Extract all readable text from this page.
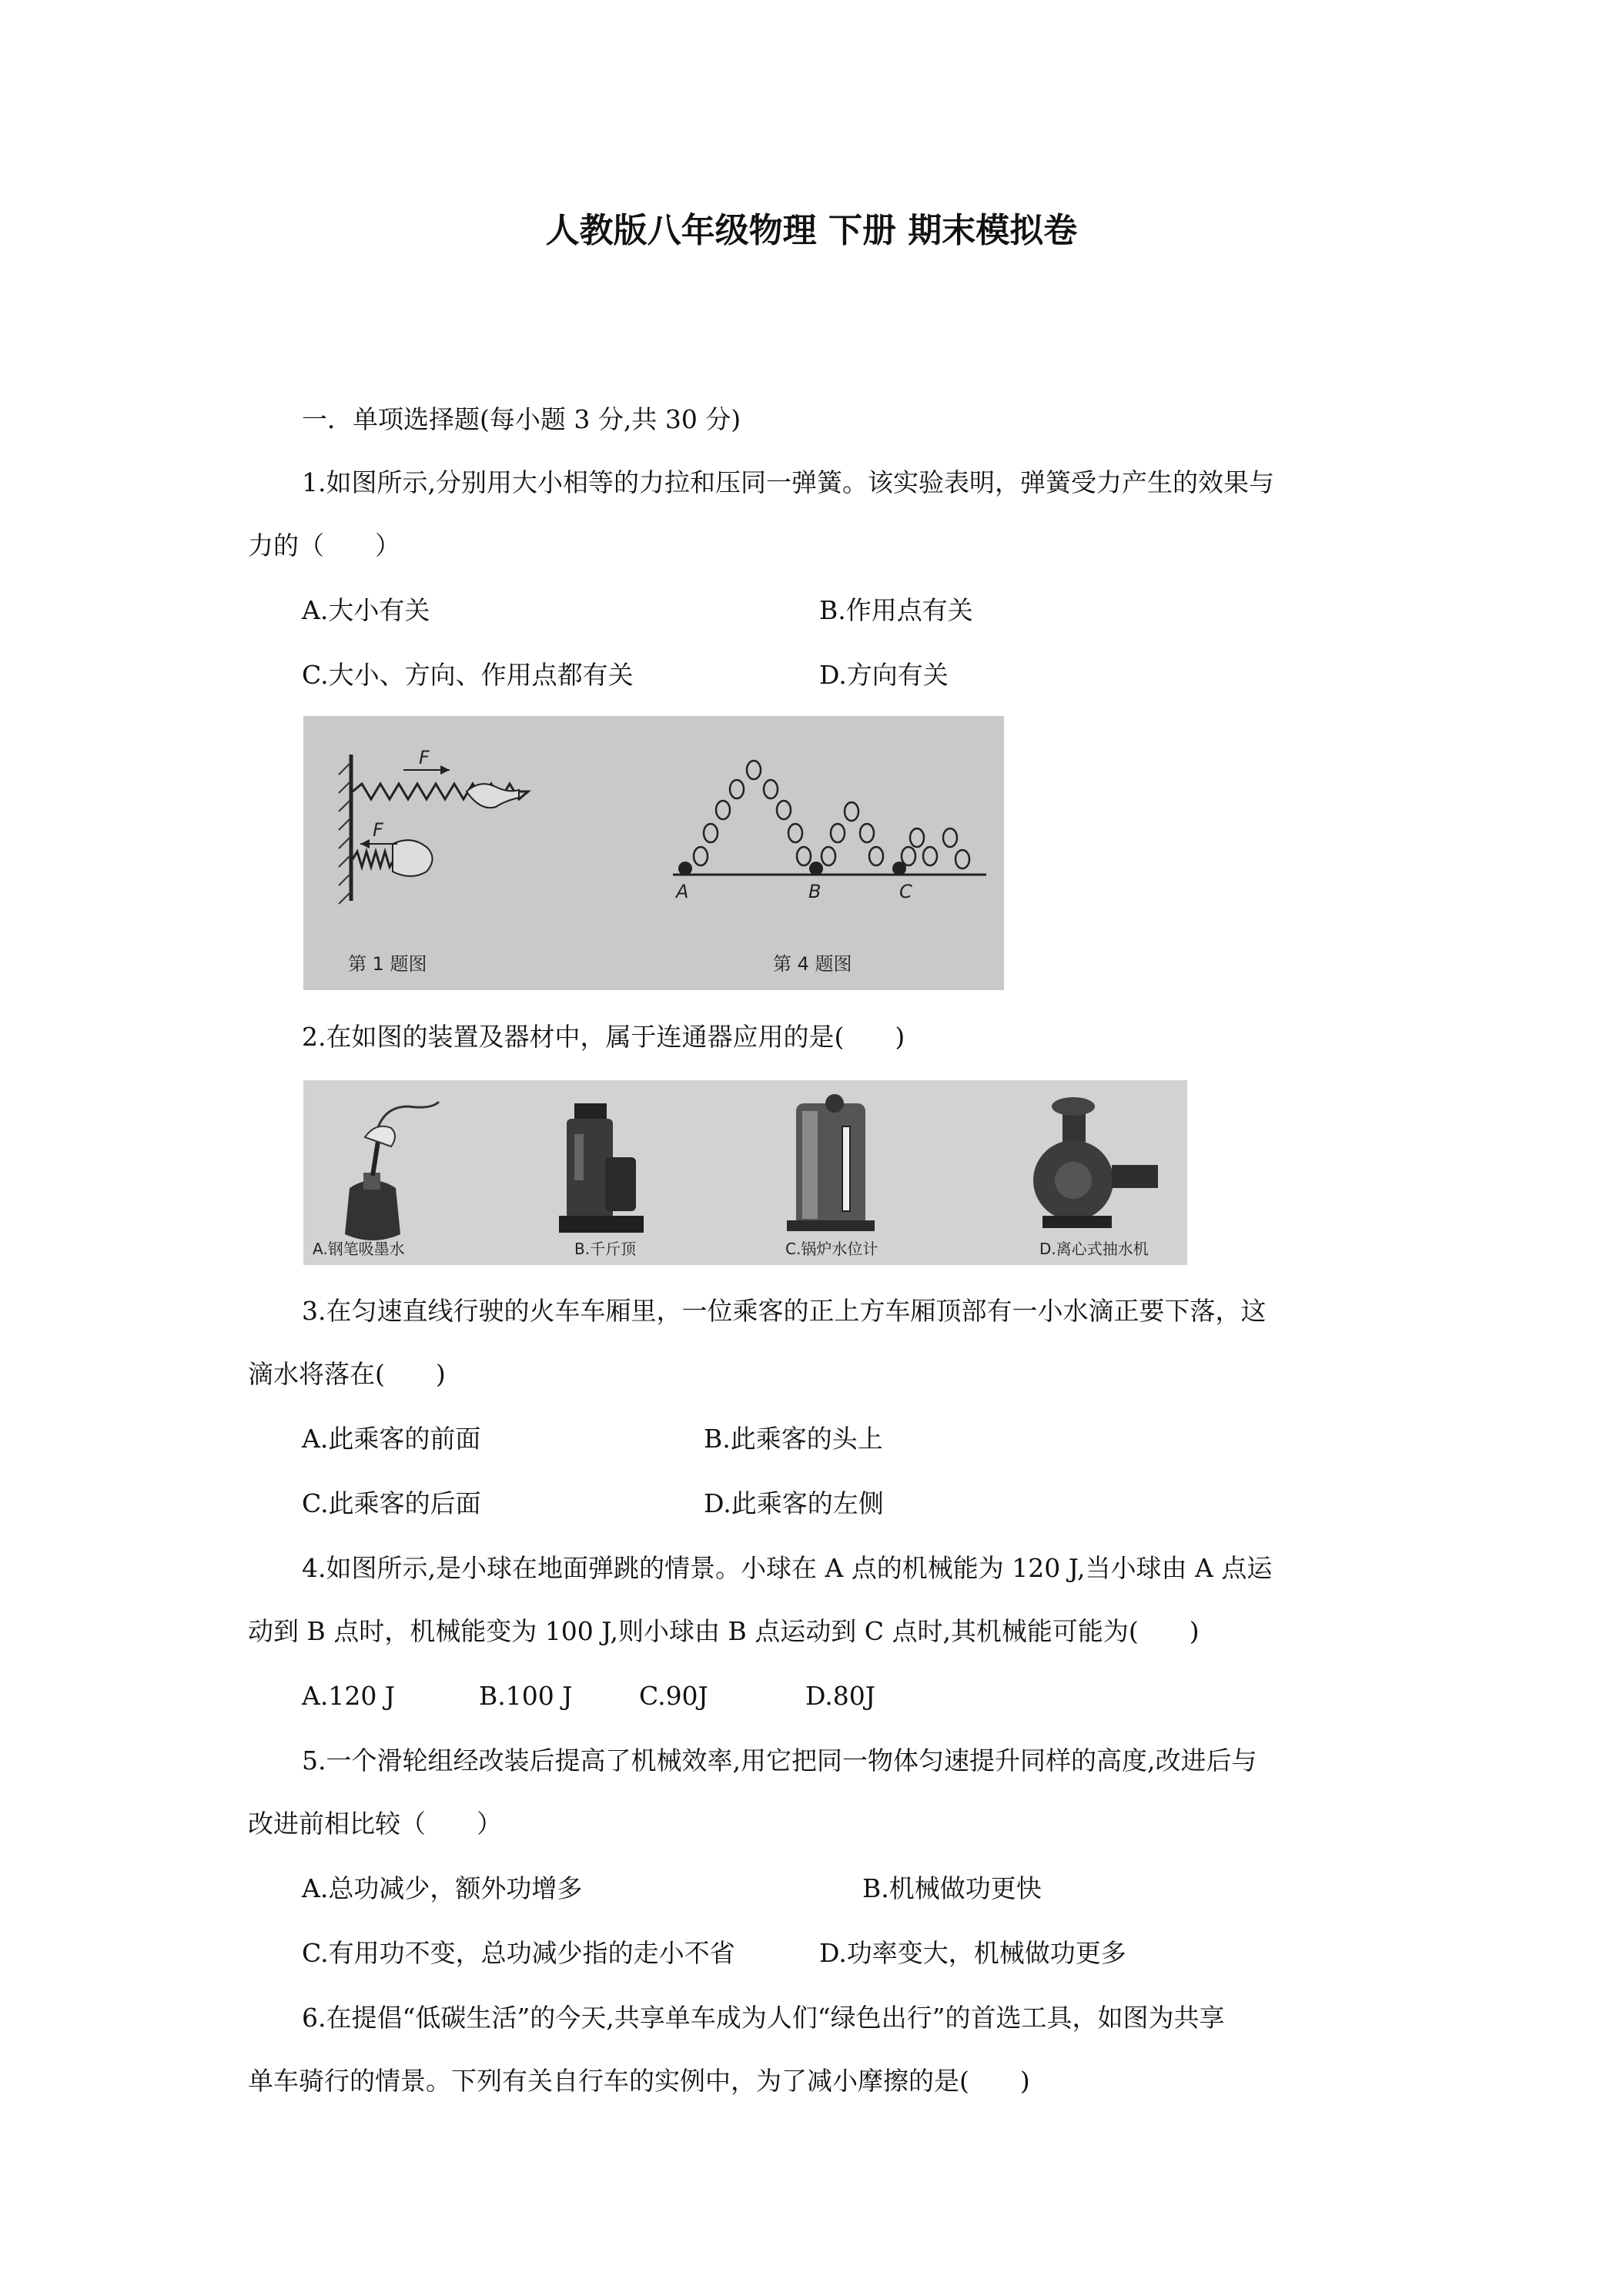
人教版八年级物理 下册 期末模拟卷
一．单项选择题(每小题 3 分,共 30 分)
1.如图所示,分别用大小相等的力拉和压同一弹簧。该实验表明，弹簧受力产生的效果与
力的（　　）
A.大小有关	B.作用点有关
C.大小、方向、作用点都有关	D.方向有关
F
F
第 1 题图
A	B	C
第 4 题图
2.在如图的装置及器材中，属于连通器应用的是(　　)
A.钢笔吸墨水	B.千斤顶	C.锅炉水位计	D.离心式抽水机
3.在匀速直线行驶的火车车厢里，一位乘客的正上方车厢顶部有一小水滴正要下落，这
滴水将落在(　　)
A.此乘客的前面	B.此乘客的头上
C.此乘客的后面	D.此乘客的左侧
4.如图所示,是小球在地面弹跳的情景。小球在 A 点的机械能为 120 J,当小球由 A 点运
动到 B 点时，机械能变为 100 J,则小球由 B 点运动到 C 点时,其机械能可能为(　　)
A.120 J	B.100 J	C.90J	D.80J
5.一个滑轮组经改装后提高了机械效率,用它把同一物体匀速提升同样的高度,改进后与
改进前相比较（　　）
A.总功减少，额外功增多	B.机械做功更快
C.有用功不变，总功减少指的走小不省	D.功率变大，机械做功更多
6.在提倡“低碳生活”的今天,共享单车成为人们“绿色出行”的首选工具，如图为共享
单车骑行的情景。下列有关自行车的实例中，为了减小摩擦的是(　　)
